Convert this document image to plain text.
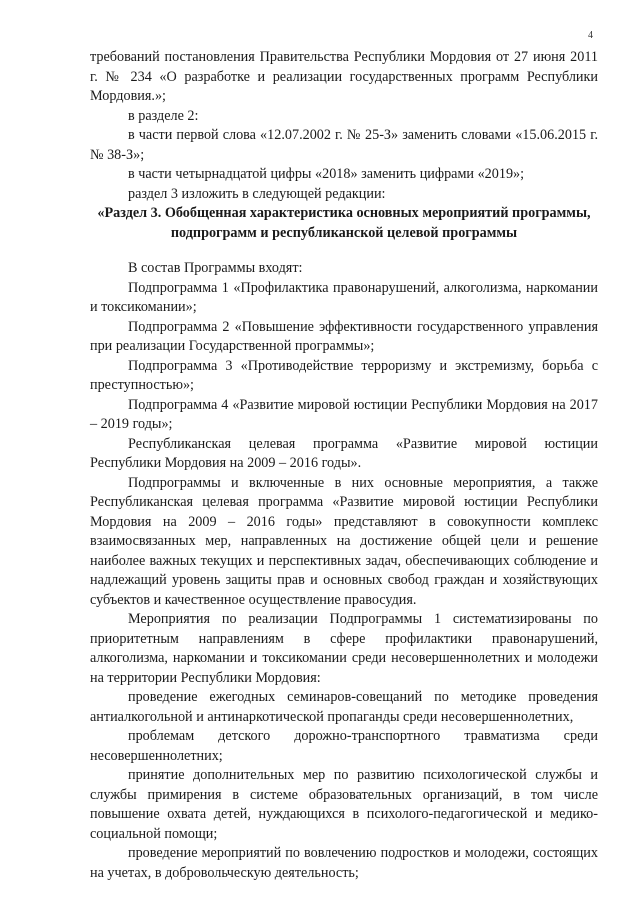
4

требований постановления Правительства Республики Мордовия от 27 июня 2011 г. № 234 «О разработке и реализации государственных программ Республики Мордовия.»;

в разделе 2:

в части первой слова «12.07.2002 г. № 25-З» заменить словами «15.06.2015 г. № 38-З»;

в части четырнадцатой цифры «2018» заменить цифрами «2019»;

раздел 3 изложить в следующей редакции:

«Раздел 3. Обобщенная характеристика основных мероприятий программы, подпрограмм и республиканской целевой программы

В состав Программы входят:

Подпрограмма 1 «Профилактика правонарушений, алкоголизма, наркомании и токсикомании»;

Подпрограмма 2 «Повышение эффективности государственного управления при реализации Государственной программы»;

Подпрограмма 3 «Противодействие терроризму и экстремизму, борьба с преступностью»;

Подпрограмма 4 «Развитие мировой юстиции Республики Мордовия на 2017 – 2019 годы»;

Республиканская целевая программа «Развитие мировой юстиции Республики Мордовия на 2009 – 2016 годы».

Подпрограммы и включенные в них основные мероприятия, а также Республиканская целевая программа «Развитие мировой юстиции Республики Мордовия на 2009 – 2016 годы» представляют в совокупности комплекс взаимосвязанных мер, направленных на достижение общей цели и решение наиболее важных текущих и перспективных задач, обеспечивающих соблюдение и надлежащий уровень защиты прав и основных свобод граждан и хозяйствующих субъектов и качественное осуществление правосудия.

Мероприятия по реализации Подпрограммы 1 систематизированы по приоритетным направлениям в сфере профилактики правонарушений, алкоголизма, наркомании и токсикомании среди несовершеннолетних и молодежи на территории Республики Мордовия:

проведение ежегодных семинаров-совещаний по методике проведения антиалкогольной и антинаркотической пропаганды среди несовершеннолетних,

проблемам детского дорожно-транспортного травматизма среди несовершеннолетних;

принятие дополнительных мер по развитию психологической службы и службы примирения в системе образовательных организаций, в том числе повышение охвата детей, нуждающихся в психолого-педагогической и медико-социальной помощи;

проведение мероприятий по вовлечению подростков и молодежи, состоящих на учетах, в добровольческую деятельность;
